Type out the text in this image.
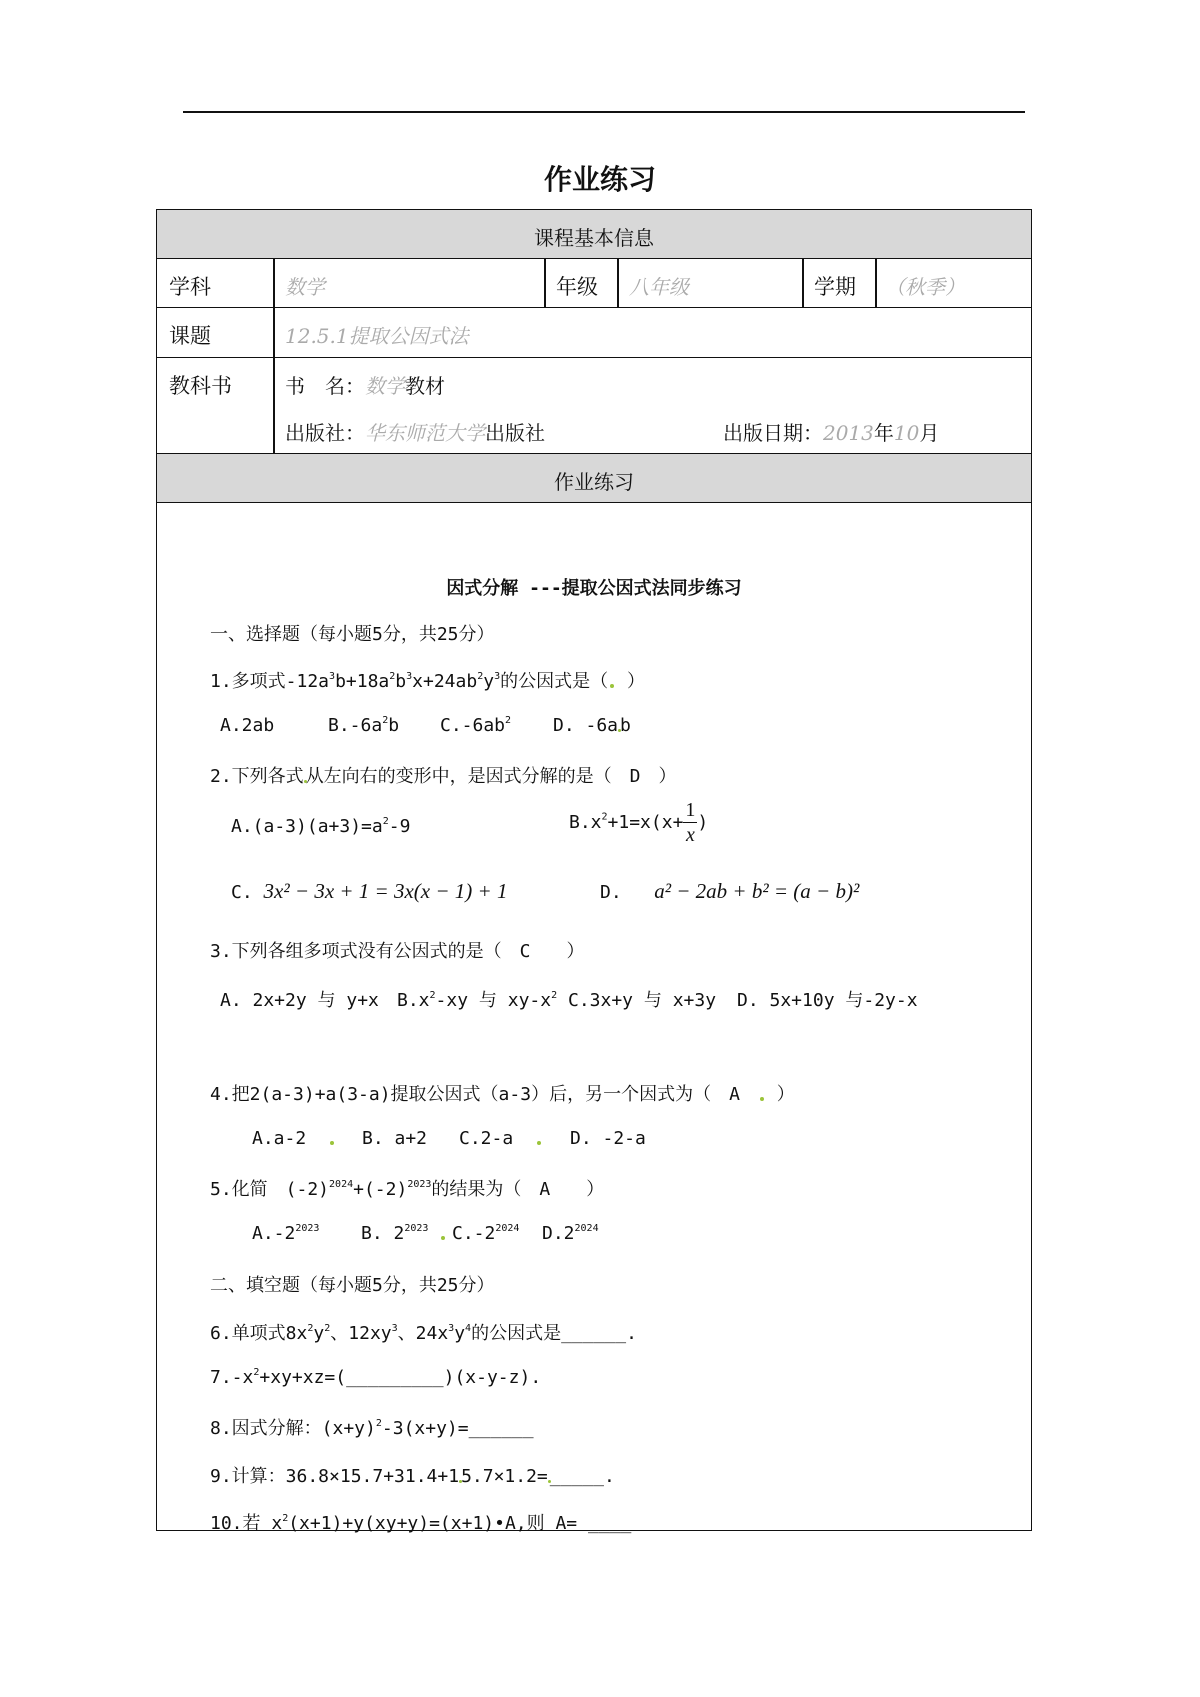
作业练习
课程基本信息
学科	数学	年级 八年级	学期 （秋季）
课题	12.5.1提取公因式法
教科书	书　名：数学教材
出版社：华东师范大学出版社	出版日期：2013年10月
作业练习
因式分解 ---提取公因式法同步练习
一、选择题（每小题5分，共25分）
1.多项式$-12a^3b+18a^2b^3x+24ab^2y^3$的公因式是（ ）
A.2ab	$B.-6a^2b$ $C.-6ab^2$ D. -6a b
2.下列各式 从左向右的变形中，是因式分解的是（　D　）
$A.(a-3)(a+3)=a^2-9$	$B.x^2+1=x(x+ \frac{1}{x}$ )
C. 3x² − 3x + 1 = 3x(x − 1) + 1	D. a² − 2ab + b² = (a − b)²
3.下列各组多项式没有公因式的是（　C　　）
A. 2x+2y 与 y+x $B.x^2-xy$ 与 $xy-x^2$ C.3x+y 与 x+3y D. 5x+10y 与-2y-x
4.把2(a-3)+a(3-a)提取公因式（a-3）后，另一个因式为（　A　 ）
A.a-2	B. a+2 C.2-a	D. -2-a
5.化简　$(-2)^{2024}+(-2)^{2023}$的结果为（　A　　）
$A.-2^{2023}$ B. $2^{2023}$	$C.-2^{2024}$ $D.2^{2024}$
二、填空题（每小题5分，共25分）
6.单项式$8x^2y^2$、$12xy^3$、$24x^3y^4$的公因式是______.
$7.-x^2+xy+xz=(\_\_\_\_\_\_\_\_\_)(x-y-z)$.
8.因式分解：$(x+y)^2-3(x+y)=\_\_\_\_\_\_$
9.计算：36.8×15.7+31.4+1 5.7×1.2= _____.
10.若 $x^2(x+1)+y(xy+y)=(x+1)•A$,则 A= ____
